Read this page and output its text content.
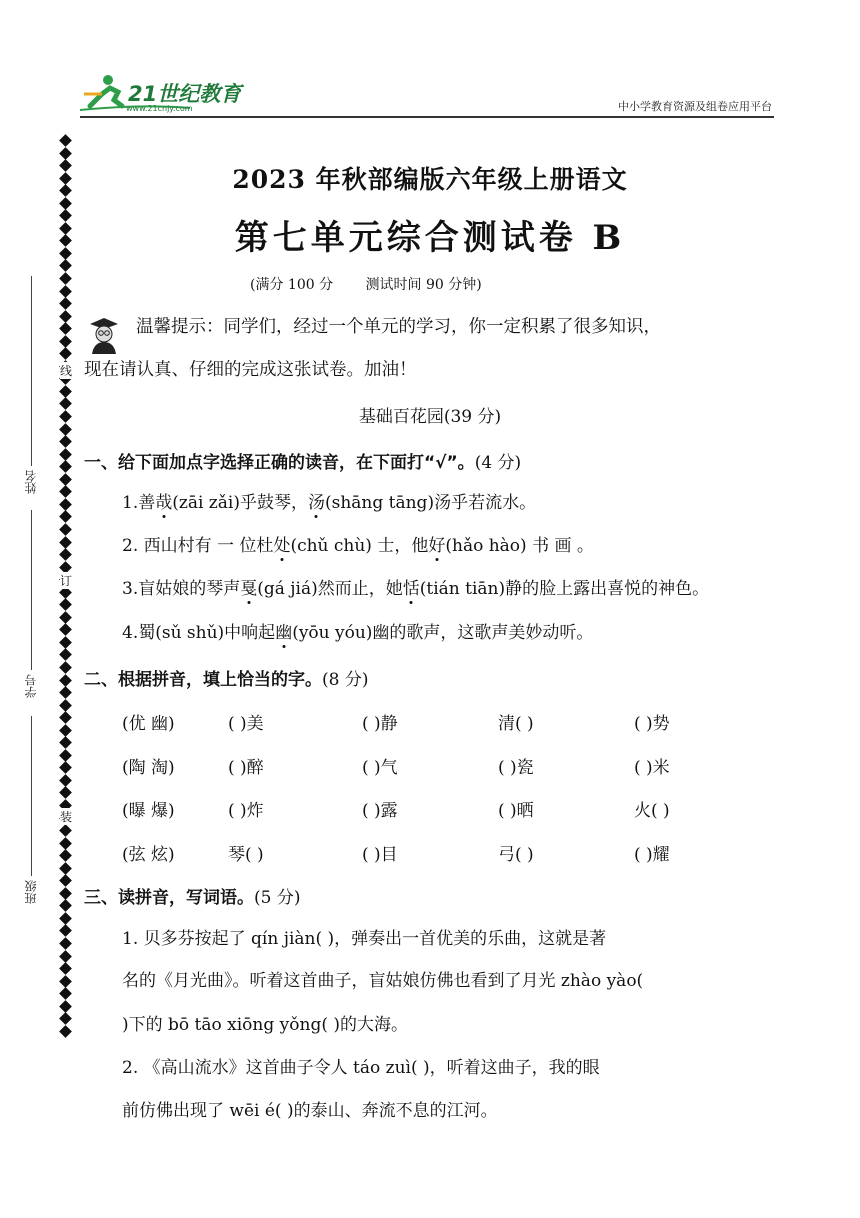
21世纪教育
www.21cnjy.com	中小学教育资源及组卷应用平台
姓名
学号
班级
线
订
装
2023 年秋部编版六年级上册语文
第七单元综合测试卷 B
(满分 100 分 测试时间 90 分钟)
温馨提示：同学们，经过一个单元的学习，你一定积累了很多知识，
现在请认真、仔细的完成这张试卷。加油！
基础百花园(39 分)
一、给下面加点字选择正确的读音，在下面打“√”。(4 分)
1.善哉(zāi zǎi)乎鼓琴，汤(shāng tāng)汤乎若流水。
2. 西山村有 一 位杜处(chǔ chù) 士，他好(hǎo hào) 书 画 。
3.盲姑娘的琴声戛(gá jiá)然而止，她恬(tián tiān)静的脸上露出喜悦的神色。
4.蜀(sǔ shǔ)中响起幽(yōu yóu)幽的歌声，这歌声美妙动听。
二、根据拼音，填上恰当的字。(8 分)
(优 幽)	( )美	( )静	清( )	( )势
(陶 淘)	( )醉	( )气	( )瓷	( )米
(曝 爆)	( )炸	( )露	( )晒	火( )
(弦 炫)	琴( )	( )目	弓( )	( )耀
三、读拼音，写词语。(5 分)
1. 贝多芬按起了 qín jiàn( )，弹奏出一首优美的乐曲，这就是著
名的《月光曲》。听着这首曲子，盲姑娘仿佛也看到了月光 zhào yào(
)下的 bō tāo xiōng yǒng( )的大海。
2. 《高山流水》这首曲子令人 táo zuì( )，听着这曲子，我的眼
前仿佛出现了 wēi é( )的泰山、奔流不息的江河。
